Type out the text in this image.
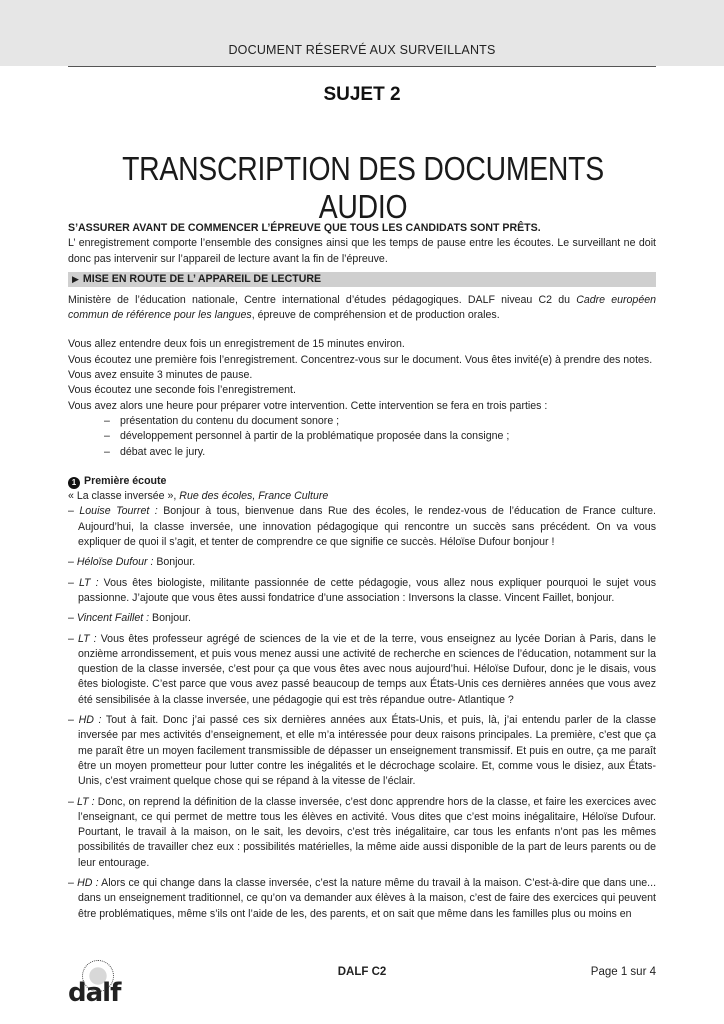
DOCUMENT RÉSERVÉ AUX SURVEILLANTS
SUJET 2
TRANSCRIPTION DES DOCUMENTS AUDIO

S’ASSURER AVANT DE COMMENCER L’ÉPREUVE QUE TOUS LES CANDIDATS SONT PRÊTS.

L’ enregistrement comporte l’ensemble des consignes ainsi que les temps de pause entre les écoutes. Le surveillant ne doit donc pas intervenir sur l’appareil de lecture avant la fin de l’épreuve.

▶ MISE EN ROUTE DE L’ APPAREIL DE LECTURE

Ministère de l’éducation nationale, Centre international d’études pédagogiques. DALF niveau C2 du Cadre européen commun de référence pour les langues, épreuve de compréhension et de production orales.

Vous allez entendre deux fois un enregistrement de 15 minutes environ.

Vous écoutez une première fois l’enregistrement. Concentrez-vous sur le document. Vous êtes invité(e) à prendre des notes.

Vous avez ensuite 3 minutes de pause.

Vous écoutez une seconde fois l’enregistrement.

Vous avez alors une heure pour préparer votre intervention. Cette intervention se fera en trois parties :

– présentation du contenu du document sonore ;
– développement personnel à partir de la problématique proposée dans la consigne ;
– débat avec le jury.

1 Première écoute

« La classe inversée », Rue des écoles, France Culture

– Louise Tourret : Bonjour à tous, bienvenue dans Rue des écoles, le rendez-vous de l’éducation de France culture. Aujourd’hui, la classe inversée, une innovation pédagogique qui rencontre un succès sans précédent. On va vous expliquer de quoi il s’agit, et tenter de comprendre ce que signifie ce succès. Héloïse Dufour bonjour !

– Héloïse Dufour : Bonjour.

– LT : Vous êtes biologiste, militante passionnée de cette pédagogie, vous allez nous expliquer pourquoi le sujet vous passionne. J’ajoute que vous êtes aussi fondatrice d’une association : Inversons la classe. Vincent Faillet, bonjour.

– Vincent Faillet : Bonjour.

– LT : Vous êtes professeur agrégé de sciences de la vie et de la terre, vous enseignez au lycée Dorian à Paris, dans le onzième arrondissement, et puis vous menez aussi une activité de recherche en sciences de l’éducation, notamment sur la question de la classe inversée, c’est pour ça que vous êtes avec nous aujourd’hui. Héloïse Dufour, donc je le disais, vous êtes biologiste. C’est parce que vous avez passé beaucoup de temps aux États-Unis ces dernières années que vous avez été sensibilisée à la classe inversée, une pédagogie qui est très répandue outre- Atlantique ?

– HD : Tout à fait. Donc j’ai passé ces six dernières années aux États-Unis, et puis, là, j’ai entendu parler de la classe inversée par mes activités d’enseignement, et elle m’a intéressée pour deux raisons principales. La première, c’est que ça me paraît être un moyen facilement transmissible de dépasser un enseignement transmissif. Et puis en outre, ça me paraît être un moyen prometteur pour lutter contre les inégalités et le décrochage scolaire. Et, comme vous le disiez, aux États-Unis, c’est vraiment quelque chose qui se répand à la vitesse de l’éclair.

– LT : Donc, on reprend la définition de la classe inversée, c’est donc apprendre hors de la classe, et faire les exercices avec l’enseignant, ce qui permet de mettre tous les élèves en activité. Vous dites que c’est moins inégalitaire, Héloïse Dufour. Pourtant, le travail à la maison, on le sait, les devoirs, c’est très inégalitaire, car tous les enfants n’ont pas les mêmes possibilités de travailler chez eux : possibilités matérielles, la même aide aussi disponible de la part de leurs parents ou de leur entourage.

– HD : Alors ce qui change dans la classe inversée, c’est la nature même du travail à la maison. C’est-à-dire que dans une... dans un enseignement traditionnel, ce qu’on va demander aux élèves à la maison, c’est de faire des exercices qui peuvent être problématiques, même s’ils ont l’aide de les, des parents, et on sait que même dans les familles plus ou moins en

dalf
DALF C2	Page 1 sur 4
